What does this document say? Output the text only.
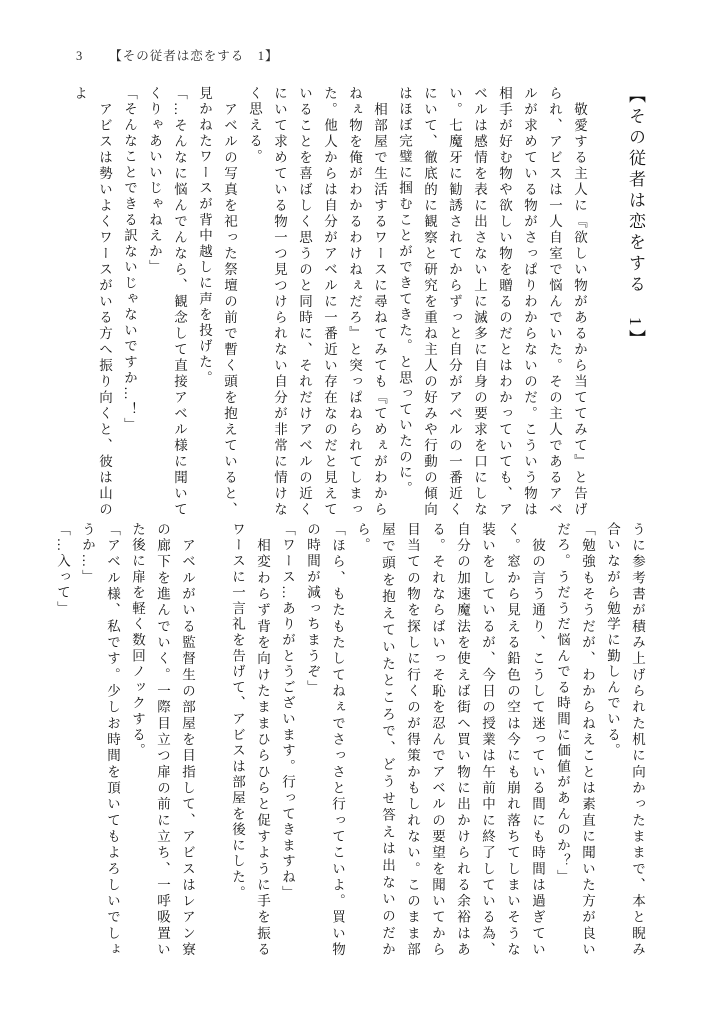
3 【その従者は恋をする　1】
【その従者は恋をする　1】

　敬愛する主人に『欲しい物があるから当ててみて』と告げられ、アビスは一人自室で悩んでいた。その主人であるアベルが求めている物がさっぱりわからないのだ。こういう物は相手が好む物や欲しい物を贈るのだとはわかっていても、アベルは感情を表に出さない上に滅多に自身の要求を口にしない。七魔牙に勧誘されてからずっと自分がアベルの一番近くにいて、徹底的に観察と研究を重ね主人の好みや行動の傾向はほぼ完璧に掴むことができてきた。と思っていたのに。

　相部屋で生活するワースに尋ねてみても『てめぇがわからねぇ物を俺がわかるわけねぇだろ』と突っぱねられてしまった。他人からは自分がアベルに一番近い存在なのだと見えていることを喜ばしく思うのと同時に、それだけアベルの近くにいて求めている物一つ見つけられない自分が非常に情けなく思える。

　アベルの写真を祀った祭壇の前で暫く頭を抱えていると、見かねたワースが背中越しに声を投げた。

「…そんなに悩んでんなら、観念して直接アベル様に聞いてくりゃあいいじゃねえか」

「そんなことできる訳ないじゃないですか…！」

　アビスは勢いよくワースがいる方へ振り向くと、彼は山のよ

うに参考書が積み上げられた机に向かったままで、本と睨み合いながら勉学に勤しんでいる。

「勉強もそうだが、わからねえことは素直に聞いた方が良いだろ。うだうだ悩んでる時間に価値があんのか？」

　彼の言う通り、こうして迷っている間にも時間は過ぎていく。窓から見える鉛色の空は今にも崩れ落ちてしまいそうな装いをしているが、今日の授業は午前中に終了している為、自分の加速魔法を使えば街へ買い物に出かけられる余裕はある。それならばいっそ恥を忍んでアベルの要望を聞いてから目当ての物を探しに行くのが得策かもしれない。このまま部屋で頭を抱えていたところで、どうせ答えは出ないのだから。

「ほら、もたもたしてねぇでさっさと行ってこいよ。買い物の時間が減っちまうぞ」

「ワース…ありがとうございます。行ってきますね」

　相変わらず背を向けたままひらひらと促すように手を振るワースに一言礼を告げて、アビスは部屋を後にした。

　アベルがいる監督生の部屋を目指して、アビスはレアン寮の廊下を進んでいく。一際目立つ扉の前に立ち、一呼吸置いた後に扉を軽く数回ノックする。

「アベル様、私です。少しお時間を頂いてもよろしいでしょうか…」

「…入って」
